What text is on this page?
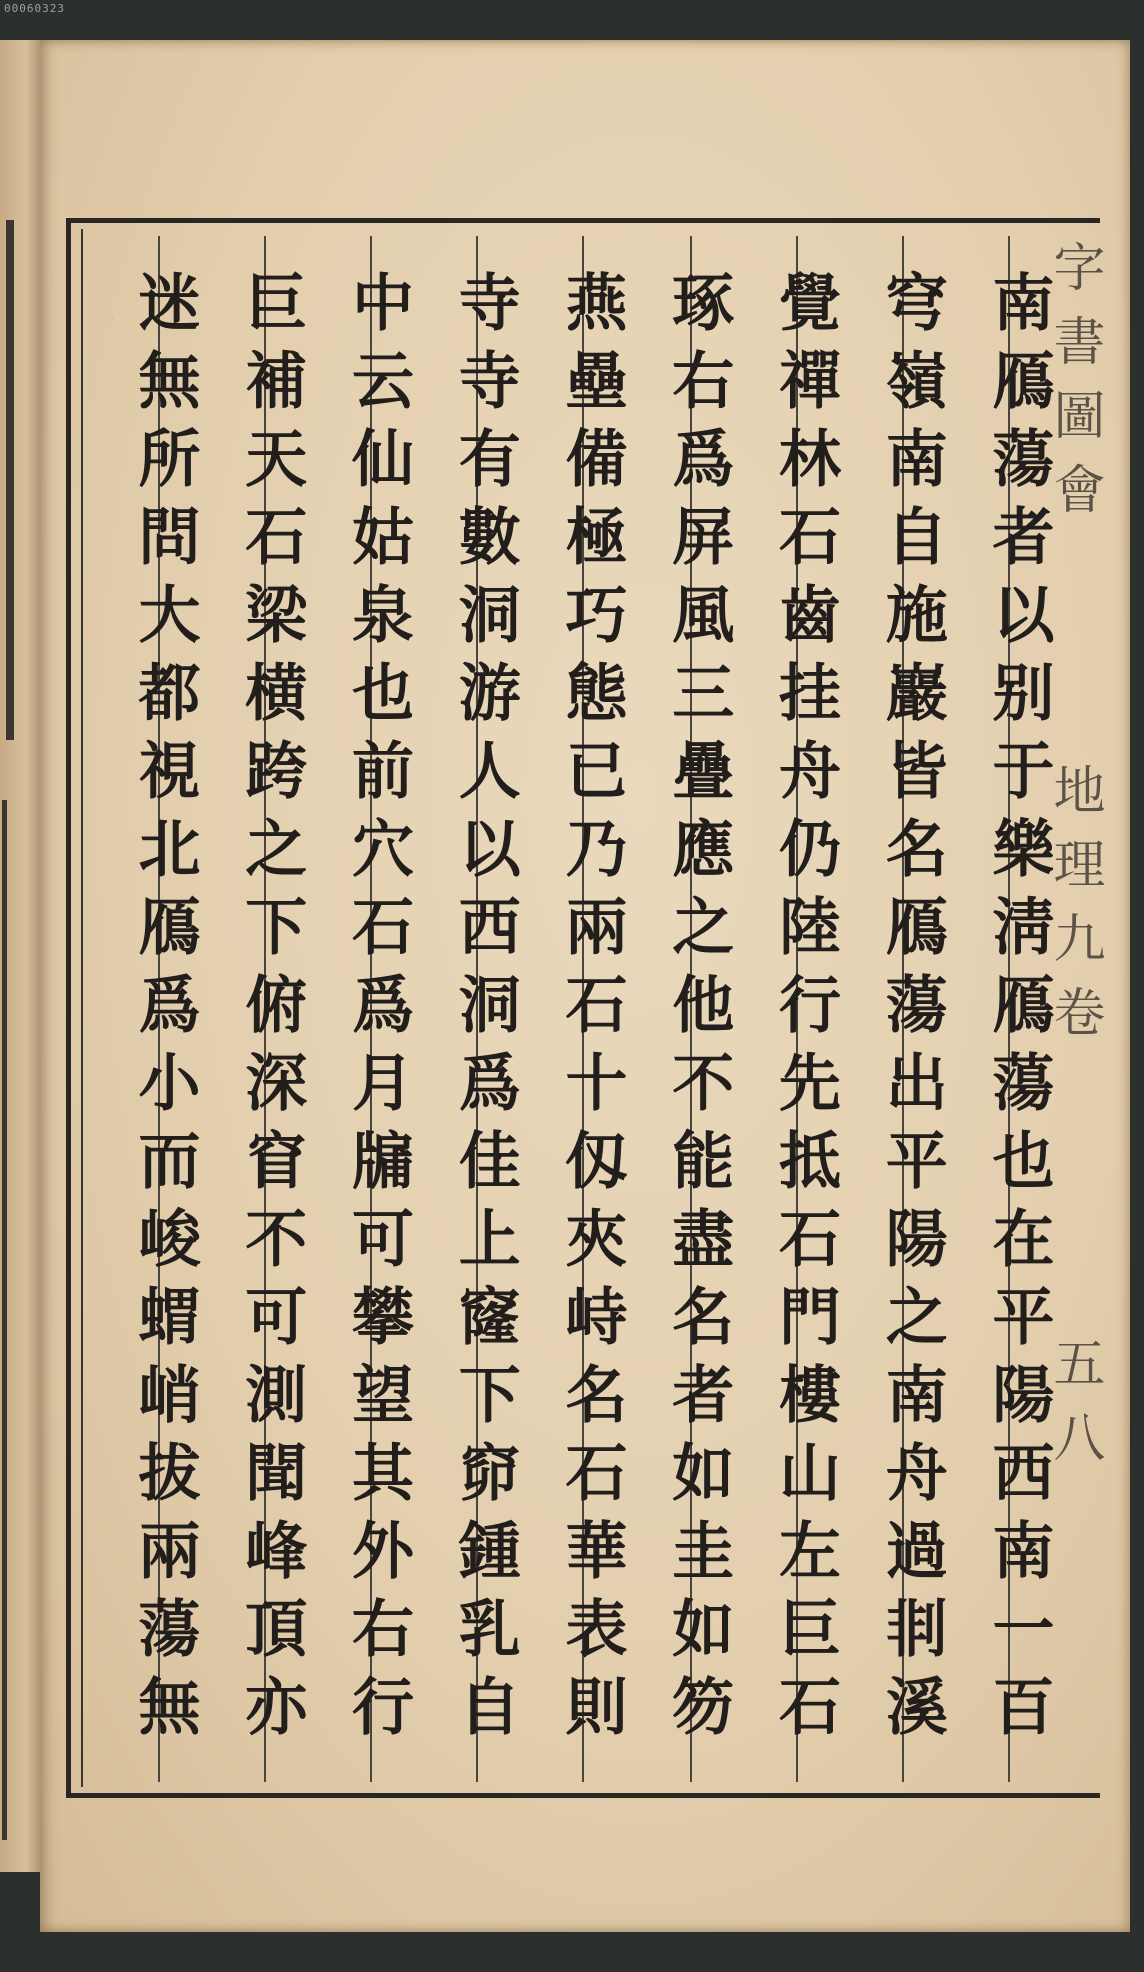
00060323
字書圖會  地理九卷  五八
南鴈蕩者以别于樂淸鴈蕩也在平陽西南一百
穹嶺南自施巖皆名鴈蕩出平陽之南舟過剕溪
覺禪林石齒挂舟仍陸行先抵石門樓山左巨石
琢右爲屏風三疊應之他不能盡名者如圭如笏
燕壘備極巧態已乃兩石十仭夾峙名石華表則
寺寺有數洞游人以西洞爲佳上窿下窌鍾乳自
中云仙姑泉也前穴石爲月牖可攀望其外右行
巨補天石梁横跨之下俯深窅不可測聞峰頂亦
迷無所問大都視北鴈爲小而峻蝟峭拔兩蕩無
